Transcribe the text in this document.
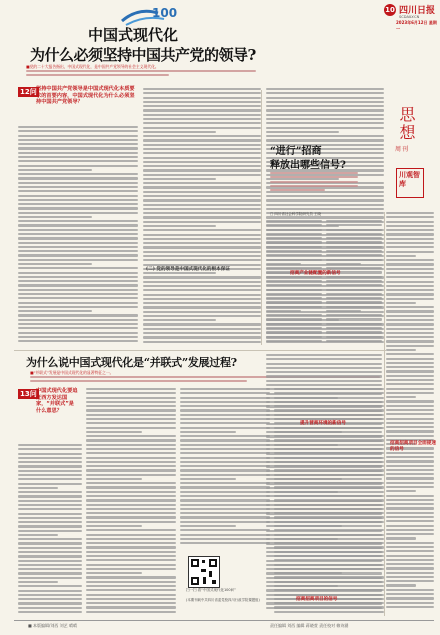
100	10 四川日报
SCDAILY.CN
2023年6月12日 星期一
中国式现代化
为什么必须坚持中国共产党的领导?
■党的二十大报告指出，中国式现代化，是中国共产党领导的社会主义现代化。
12问 坚持中国共产党领导是中国式现代化本质要求的首要内容，中国式现代化为什么必须坚持中国共产党领导？
(二) 党的领导是中国式现代化的根本保证
为什么说中国式现代化是“并联式”发展过程?
■“并联式”发展是中国式现代化的显著特征之一。
13问 中国式现代化要追赶西方发达国家，“并联式”是什么意思？
扫一扫 看“中国式现代化100问”
(本期刊载中共四川省委党校四川行政学院课题组)
“进行”招商
释放出哪些信号?
□ 四川省社会科学院研究员 王晓
思想
周刊
川观智库
招商产业链配置的新信号
提升营商环境的新信号
招商招商项目全面提速的信号
招商招商项目的信号
■ 本版编辑/刘西 刘艺 晴晴	责任编辑 刘西 编辑 蒋晓萱 责任校对 赖诗涵
